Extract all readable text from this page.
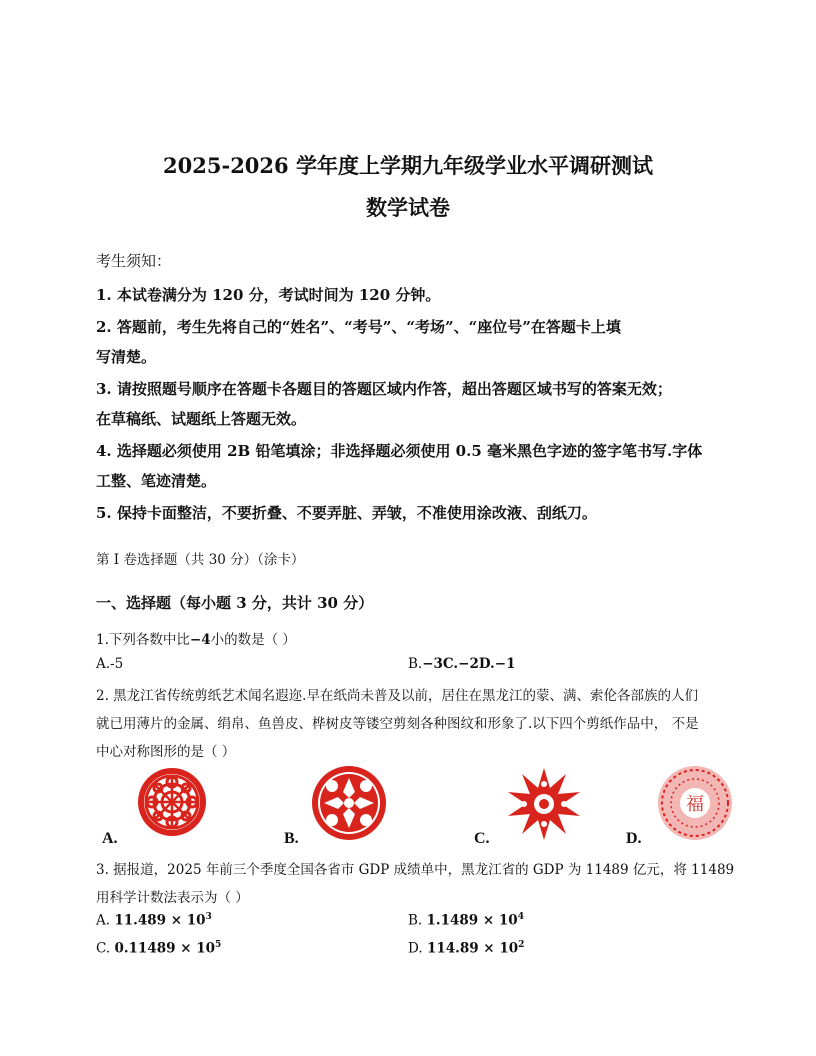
2025-2026 学年度上学期九年级学业水平调研测试
数学试卷
考生须知：
1. 本试卷满分为 120 分，考试时间为 120 分钟。
2. 答题前，考生先将自己的“姓名”、“考号”、“考场”、“座位号”在答题卡上填
写清楚。
3. 请按照题号顺序在答题卡各题目的答题区域内作答，超出答题区域书写的答案无效；
在草稿纸、试题纸上答题无效。
4. 选择题必须使用 2B 铅笔填涂；非选择题必须使用 0.5 毫米黑色字迹的签字笔书写.字体
工整、笔迹清楚。
5. 保持卡面整洁，不要折叠、不要弄脏、弄皱，不准使用涂改液、刮纸刀。
第 I 卷选择题（共 30 分）（涂卡）
一、选择题（每小题 3 分，共计 30 分）
1.下列各数中比−4小的数是（ ）
A.-5	B.−3C.−2D.−1
2. 黑龙江省传统剪纸艺术闻名遐迩.早在纸尚未普及以前，居住在黑龙江的蒙、满、索伦各部族的人们
就已用薄片的金属、绢帛、鱼兽皮、桦树皮等镂空剪刻各种图纹和形象了.以下四个剪纸作品中， 不是
中心对称图形的是（ ）
福
A.	B.	C.	D.
3. 据报道，2025 年前三个季度全国各省市 GDP 成绩单中，黑龙江省的 GDP 为 11489 亿元，将 11489
用科学计数法表示为（ ）
A. $11.489 \times 10^3$	B. $1.1489 \times 10^4$
C. $0.11489 \times 10^5$	D. $114.89 \times 10^2$
